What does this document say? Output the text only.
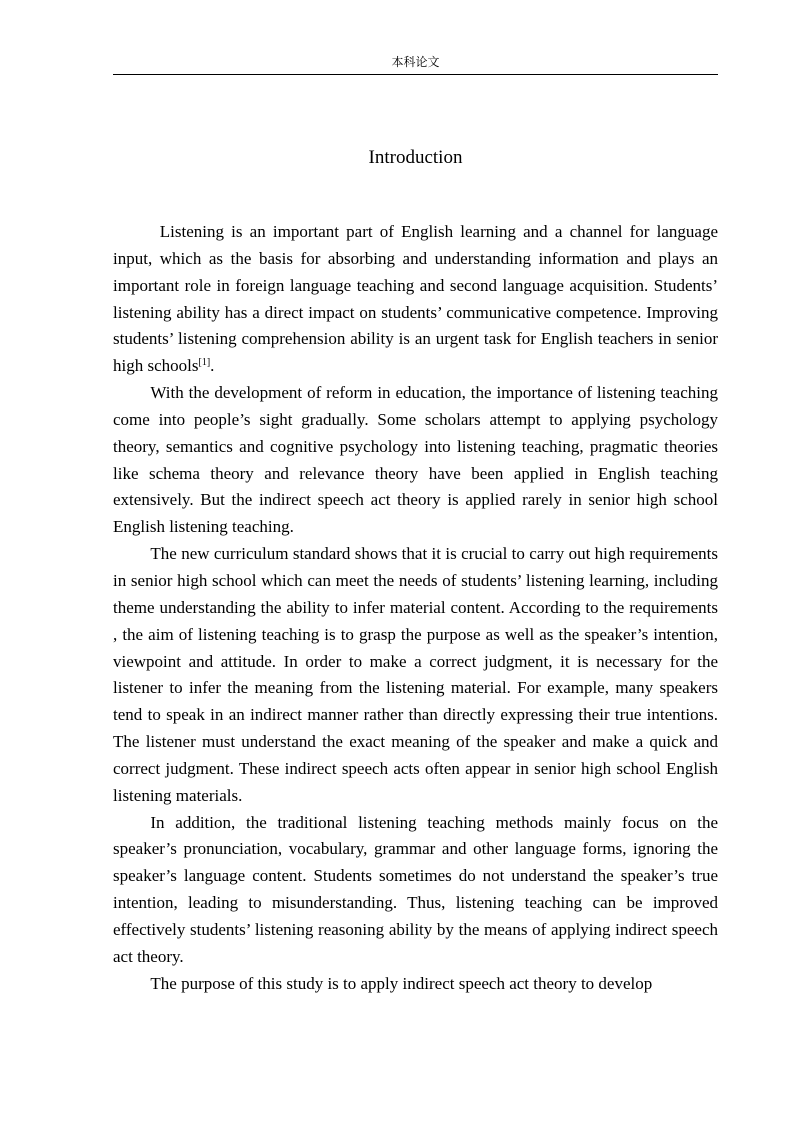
本科论文
Introduction

Listening is an important part of English learning and a channel for language input, which as the basis for absorbing and understanding information and plays an important role in foreign language teaching and second language acquisition. Students’ listening ability has a direct impact on students’ communicative competence. Improving students’ listening comprehension ability is an urgent task for English teachers in senior high schools[1].

With the development of reform in education, the importance of listening teaching come into people’s sight gradually. Some scholars attempt to applying psychology theory, semantics and cognitive psychology into listening teaching, pragmatic theories like schema theory and relevance theory have been applied in English teaching extensively. But the indirect speech act theory is applied rarely in senior high school English listening teaching.

The new curriculum standard shows that it is crucial to carry out high requirements in senior high school which can meet the needs of students’ listening learning, including theme understanding the ability to infer material content. According to the requirements , the aim of listening teaching is to grasp the purpose as well as the speaker’s intention, viewpoint and attitude. In order to make a correct judgment, it is necessary for the listener to infer the meaning from the listening material. For example, many speakers tend to speak in an indirect manner rather than directly expressing their true intentions. The listener must understand the exact meaning of the speaker and make a quick and correct judgment. These indirect speech acts often appear in senior high school English listening materials.

In addition, the traditional listening teaching methods mainly focus on the speaker’s pronunciation, vocabulary, grammar and other language forms, ignoring the speaker’s language content. Students sometimes do not understand the speaker’s true intention, leading to misunderstanding. Thus, listening teaching can be improved effectively students’ listening reasoning ability by the means of applying indirect speech act theory.

The purpose of this study is to apply indirect speech act theory to develop
